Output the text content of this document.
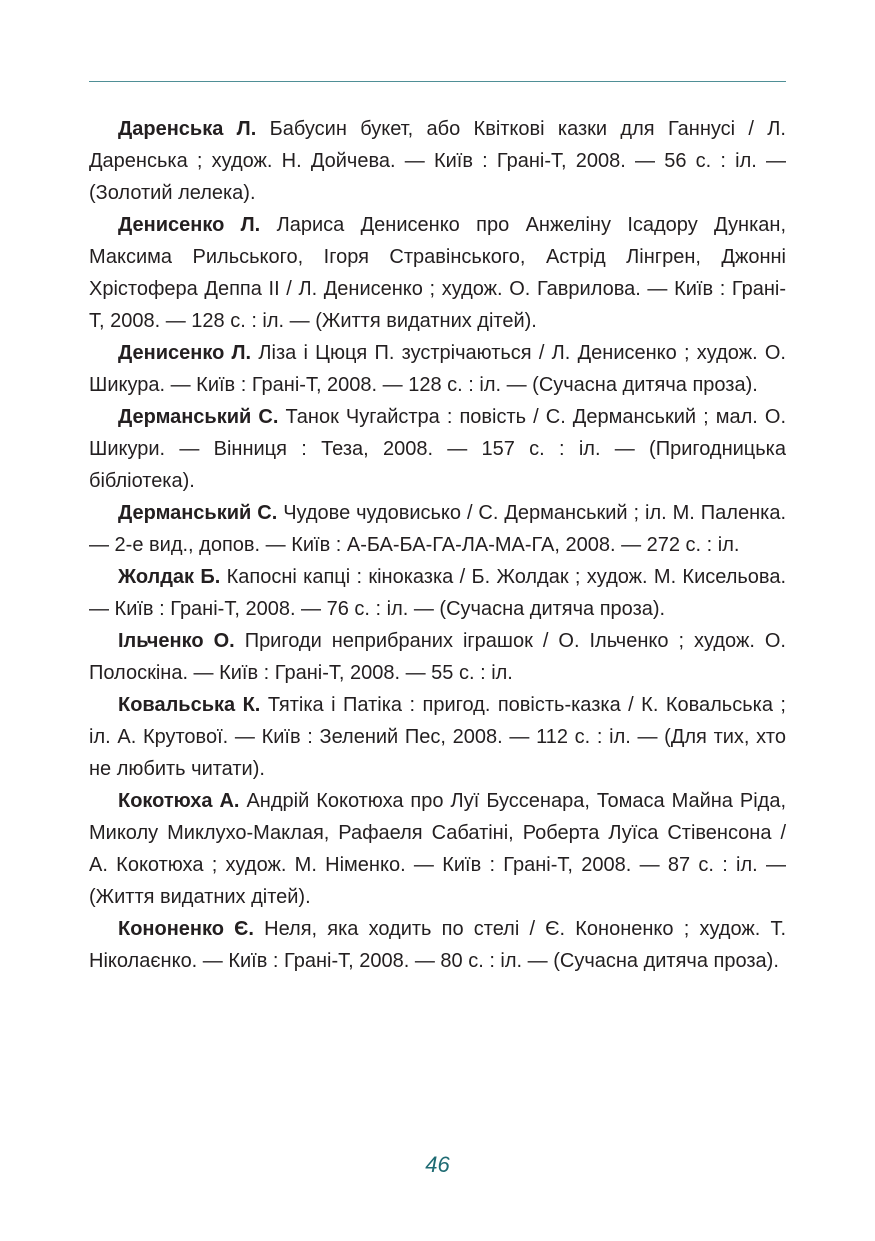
Даренська Л. Бабусин букет, або Квіткові казки для Ганнусі / Л. Даренська ; худож. Н. Дойчева. — Київ : Грані-Т, 2008. — 56 с. : іл. — (Золотий лелека).

Денисенко Л. Лариса Денисенко про Анжеліну Ісадору Дункан, Максима Рильського, Ігоря Стравінського, Астрід Лінгрен, Джонні Хрістофера Деппа ІІ / Л. Денисенко ; худож. О. Гаврилова. — Київ : Грані-Т, 2008. — 128 с. : іл. — (Життя видатних дітей).

Денисенко Л. Ліза і Цюця П. зустрічаються / Л. Денисенко ; худож. О. Шикура. — Київ : Грані-Т, 2008. — 128 с. : іл. — (Сучасна дитяча проза).

Дерманський С. Танок Чугайстра : повість / С. Дерманський ; мал. О. Шикури. — Вінниця : Теза, 2008. — 157 с. : іл. — (Пригодницька бібліотека).

Дерманський С. Чудове чудовисько / С. Дерманський ; іл. М. Паленка. — 2-е вид., допов. — Київ : А-БА-БА-ГА-ЛА-МА-ГА, 2008. — 272 с. : іл.

Жолдак Б. Капосні капці : кіноказка / Б. Жолдак ; худож. М. Кисельова. — Київ : Грані-Т, 2008. — 76 с. : іл. — (Сучасна дитяча проза).

Ільченко О. Пригоди неприбраних іграшок / О. Ільченко ; худож. О. Полоскіна. — Київ : Грані-Т, 2008. — 55 с. : іл.

Ковальська К. Тятіка і Патіка : пригод. повість-казка / К. Ковальська ; іл. А. Крутової. — Київ : Зелений Пес, 2008. — 112 с. : іл. — (Для тих, хто не любить читати).

Кокотюха А. Андрій Кокотюха про Луї Буссенара, Томаса Майна Ріда, Миколу Миклухо-Маклая, Рафаеля Сабатіні, Роберта Луїса Стівенсона / А. Кокотюха ; худож. М. Німенко. — Київ : Грані-Т, 2008. — 87 с. : іл. — (Життя видатних дітей).

Кононенко Є. Неля, яка ходить по стелі / Є. Кононенко ; худож. Т. Ніколаєнко. — Київ : Грані-Т, 2008. — 80 с. : іл. — (Сучасна дитяча проза).

46
